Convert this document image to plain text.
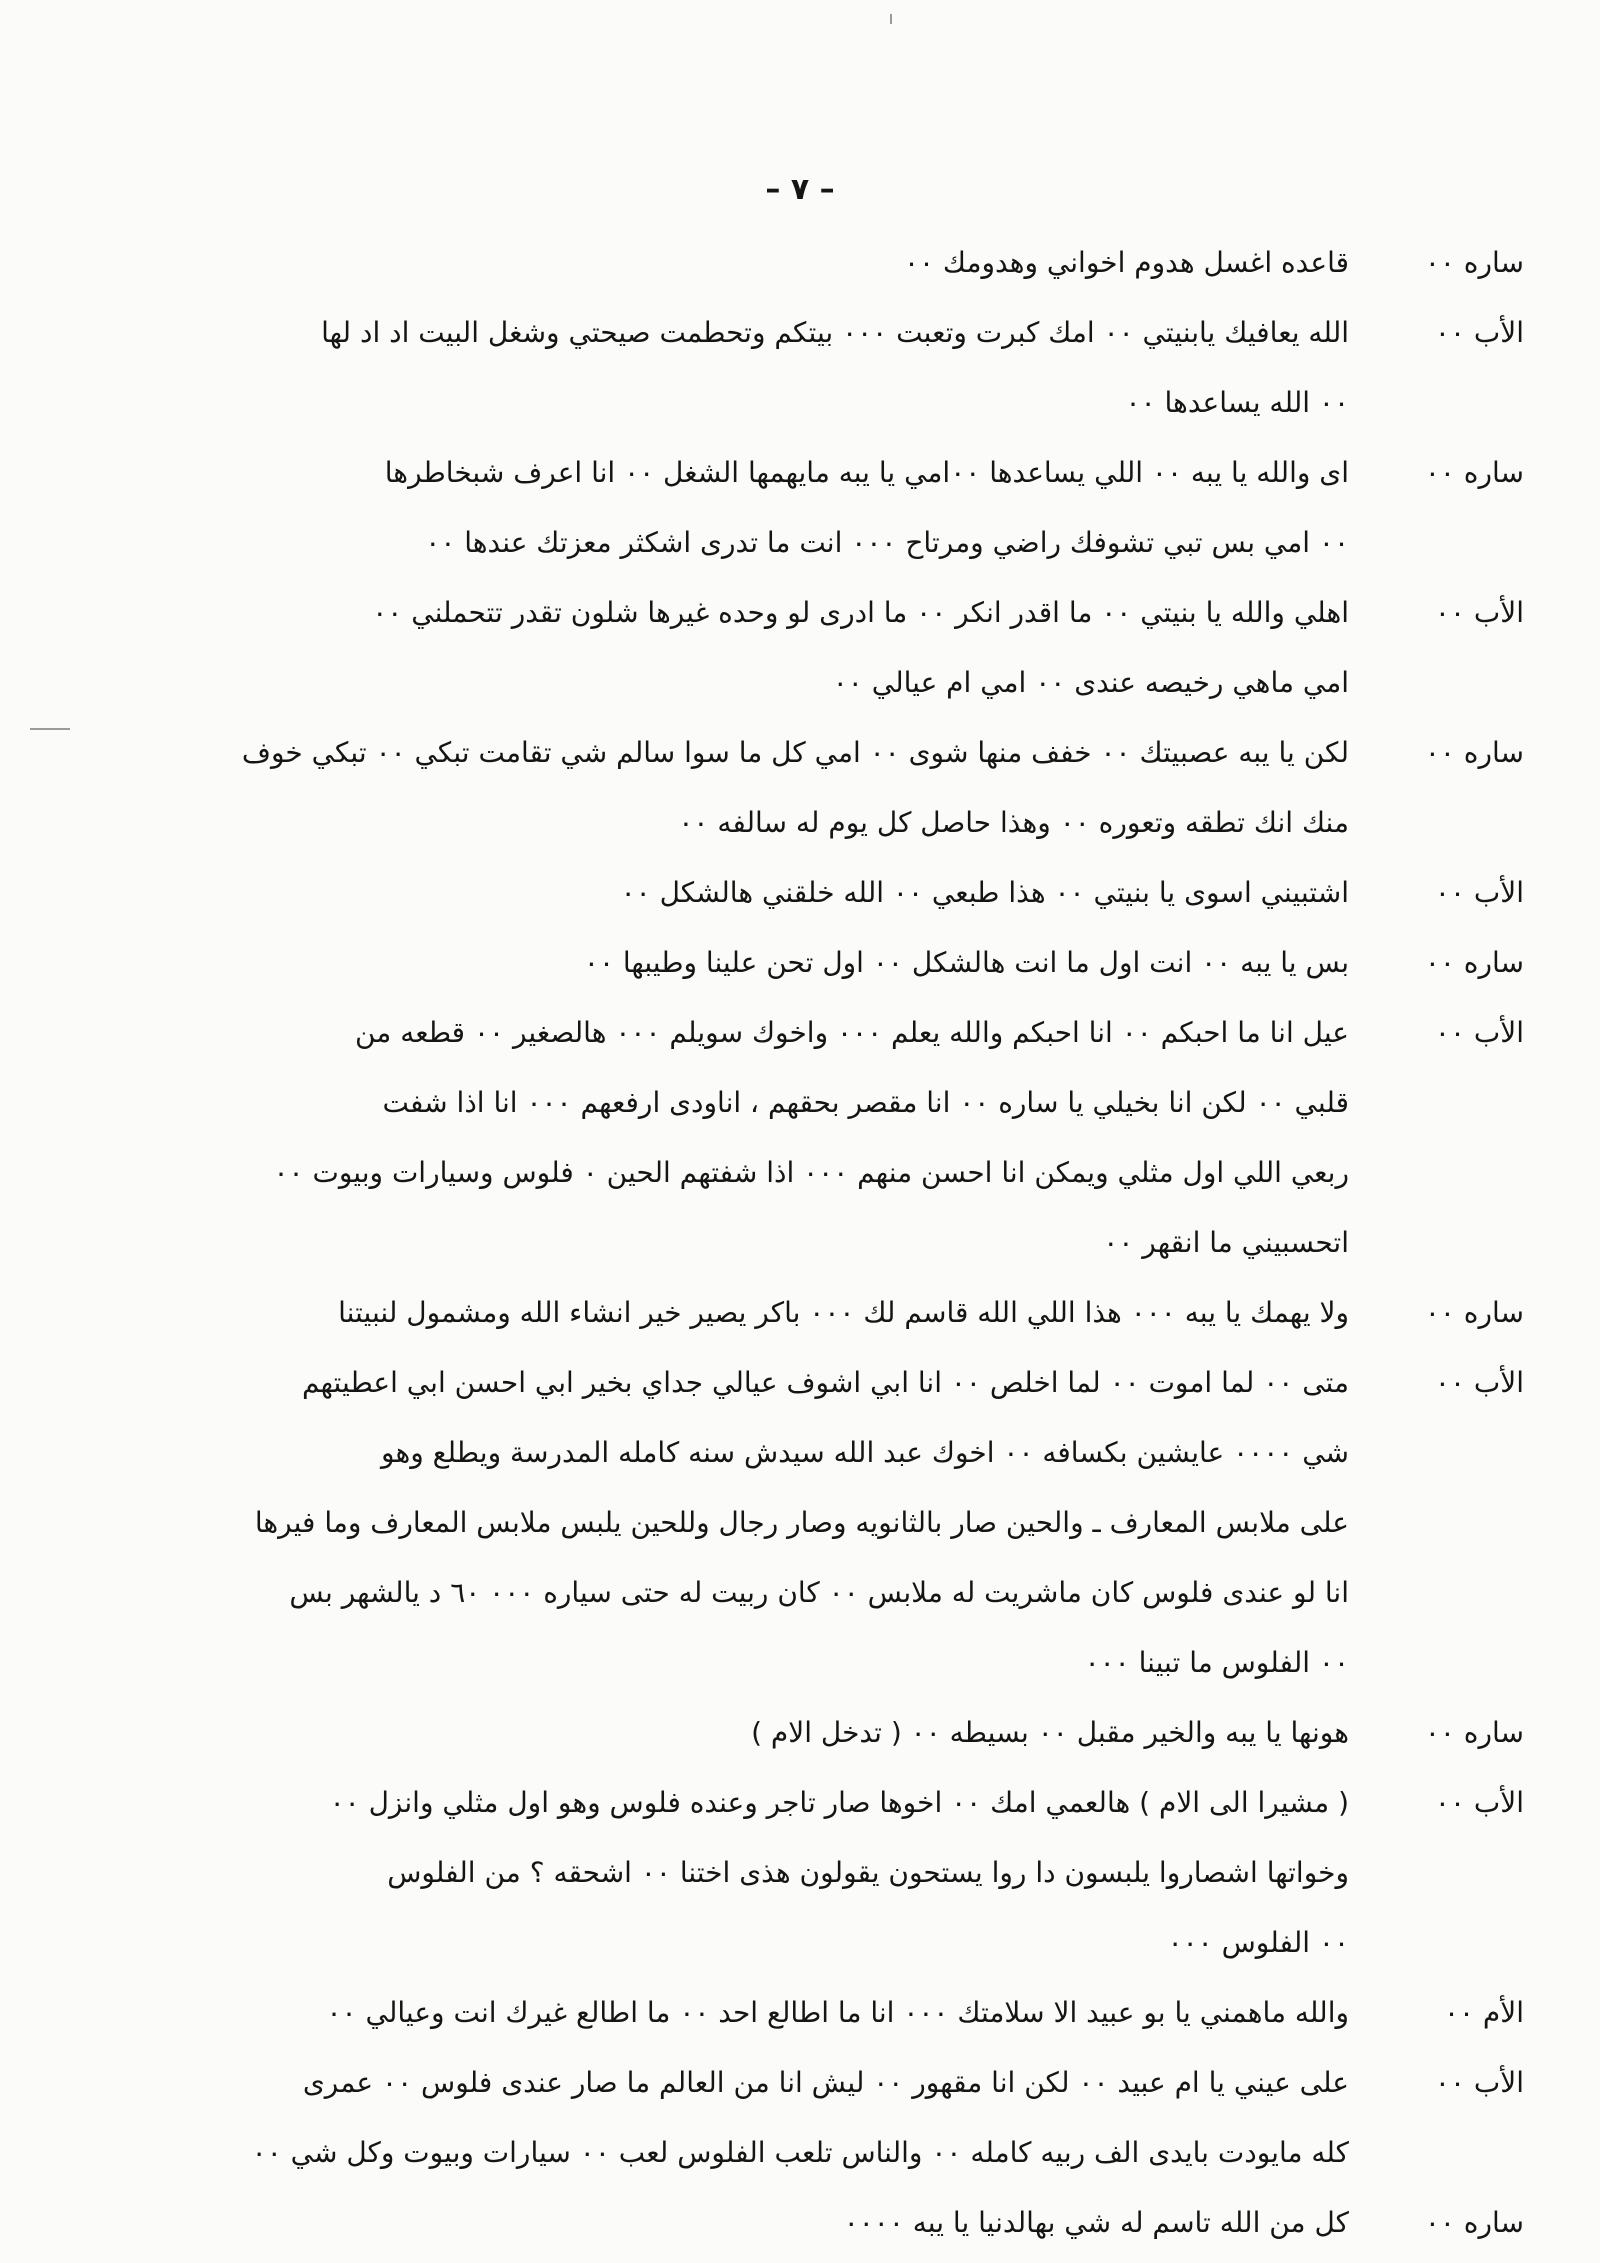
– ٧ –
ساره ٠٠
قاعده اغسل هدوم اخواني وهدومك ٠٠
الأب ٠٠
الله يعافيك يابنيتي ٠٠ امك كبرت وتعبت ٠٠٠ بيتكم وتحطمت صيحتي وشغل البيت اد اد لها
٠٠ الله يساعدها ٠٠
ساره ٠٠
اى والله يا يبه ٠٠ اللي يساعدها ٠٠امي يا يبه مايهمها الشغل ٠٠ انا اعرف شبخاطرها
٠٠ امي بس تبي تشوفك راضي ومرتاح ٠٠٠ انت ما تدرى اشكثر معزتك عندها ٠٠
الأب ٠٠
اهلي والله يا بنيتي ٠٠ ما اقدر انكر ٠٠ ما ادرى لو وحده غيرها شلون تقدر تتحملني ٠٠
امي ماهي رخيصه عندى ٠٠ امي ام عيالي ٠٠
ساره ٠٠
لكن يا يبه عصبيتك ٠٠ خفف منها شوى ٠٠ امي كل ما سوا سالم شي تقامت تبكي ٠٠ تبكي خوف
منك انك تطقه وتعوره ٠٠ وهذا حاصل كل يوم له سالفه ٠٠
الأب ٠٠
اشتبيني اسوى يا بنيتي ٠٠ هذا طبعي ٠٠ الله خلقني هالشكل ٠٠
ساره ٠٠
بس يا يبه ٠٠ انت اول ما انت هالشكل ٠٠ اول تحن علينا وطيبها ٠٠
الأب ٠٠
عيل انا ما احبكم ٠٠ انا احبكم والله يعلم ٠٠٠ واخوك سويلم ٠٠٠ هالصغير ٠٠ قطعه من
قلبي ٠٠ لكن انا بخيلي يا ساره ٠٠ انا مقصر بحقهم ، اناودى ارفعهم ٠٠٠ انا اذا شفت
ربعي اللي اول مثلي ويمكن انا احسن منهم ٠٠٠ اذا شفتهم الحين ٠ فلوس وسيارات وبيوت ٠٠
اتحسبيني ما انقهر ٠٠
ساره ٠٠
ولا يهمك يا يبه ٠٠٠ هذا اللي الله قاسم لك ٠٠٠ باكر يصير خير انشاء الله ومشمول لنبيتنا
الأب ٠٠
متى ٠٠ لما اموت ٠٠ لما اخلص ٠٠ انا ابي اشوف عيالي جداي بخير ابي احسن ابي اعطيتهم
شي ٠٠٠٠ عايشين بكسافه ٠٠ اخوك عبد الله سيدش سنه كامله المدرسة ويطلع وهو
على ملابس المعارف ـ والحين صار بالثانويه وصار رجال وللحين يلبس ملابس المعارف وما فيرها
انا لو عندى فلوس كان ماشريت له ملابس ٠٠ كان ربيت له حتى سياره ٠٠٠ ٦٠ د يالشهر بس
٠٠ الفلوس ما تبينا ٠٠٠
ساره ٠٠
هونها يا يبه والخير مقبل ٠٠ بسيطه ٠٠ ( تدخل الام )
الأب ٠٠
( مشيرا الى الام ) هالعمي امك ٠٠ اخوها صار تاجر وعنده فلوس وهو اول مثلي وانزل ٠٠
وخواتها اشصاروا يلبسون دا روا يستحون يقولون هذى اختنا ٠٠ اشحقه ؟ من الفلوس
٠٠ الفلوس ٠٠٠
الأم ٠٠
والله ماهمني يا بو عبيد الا سلامتك ٠٠٠ انا ما اطالع احد ٠٠ ما اطالع غيرك انت وعيالي ٠٠
الأب ٠٠
على عيني يا ام عبيد ٠٠ لكن انا مقهور ٠٠ ليش انا من العالم ما صار عندى فلوس ٠٠ عمرى
كله مايودت بايدى الف ربيه كامله ٠٠ والناس تلعب الفلوس لعب ٠٠ سيارات وبيوت وكل شي ٠٠
ساره ٠٠
كل من الله تاسم له شي بهالدنيا يا يبه ٠٠٠٠
